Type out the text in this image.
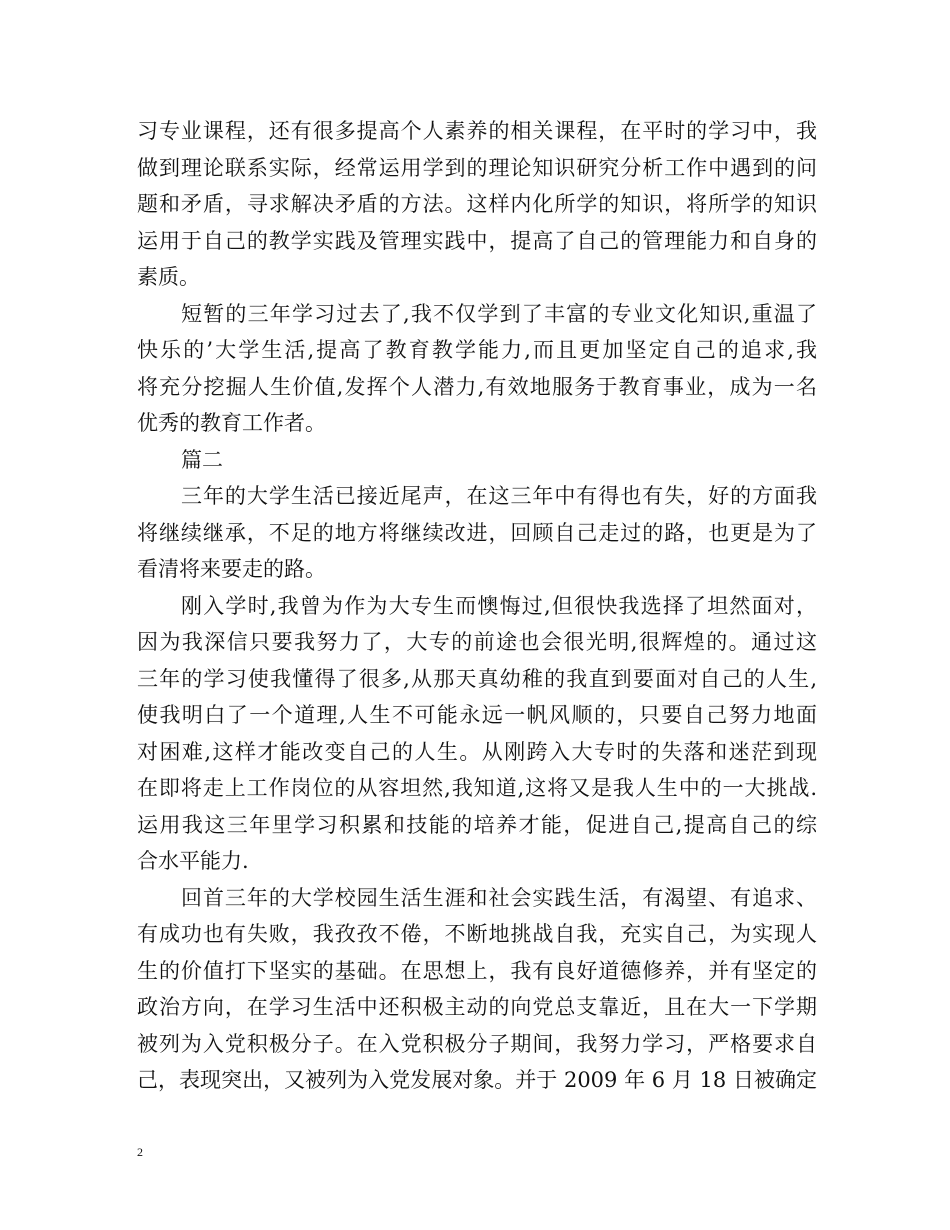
习专业课程，还有很多提高个人素养的相关课程，在平时的学习中，我
做到理论联系实际，经常运用学到的理论知识研究分析工作中遇到的问
题和矛盾，寻求解决矛盾的方法。这样内化所学的知识，将所学的知识
运用于自己的教学实践及管理实践中，提高了自己的管理能力和自身的
素质。
短暂的三年学习过去了,我不仅学到了丰富的专业文化知识,重温了
快乐的’大学生活,提高了教育教学能力,而且更加坚定自己的追求,我
将充分挖掘人生价值,发挥个人潜力,有效地服务于教育事业，成为一名
优秀的教育工作者。
篇二
三年的大学生活已接近尾声，在这三年中有得也有失，好的方面我
将继续继承，不足的地方将继续改进，回顾自己走过的路，也更是为了
看清将来要走的路。
刚入学时,我曾为作为大专生而懊悔过,但很快我选择了坦然面对，
因为我深信只要我努力了，大专的前途也会很光明,很辉煌的。通过这
三年的学习使我懂得了很多,从那天真幼稚的我直到要面对自己的人生,
使我明白了一个道理,人生不可能永远一帆风顺的，只要自己努力地面
对困难,这样才能改变自己的人生。从刚跨入大专时的失落和迷茫到现
在即将走上工作岗位的从容坦然,我知道,这将又是我人生中的一大挑战.
运用我这三年里学习积累和技能的培养才能，促进自己,提高自己的综
合水平能力.
回首三年的大学校园生活生涯和社会实践生活，有渴望、有追求、
有成功也有失败，我孜孜不倦，不断地挑战自我，充实自己，为实现人
生的价值打下坚实的基础。在思想上，我有良好道德修养，并有坚定的
政治方向，在学习生活中还积极主动的向党总支靠近，且在大一下学期
被列为入党积极分子。在入党积极分子期间，我努力学习，严格要求自
己，表现突出，又被列为入党发展对象。并于 2009 年 6 月 18 日被确定
2
